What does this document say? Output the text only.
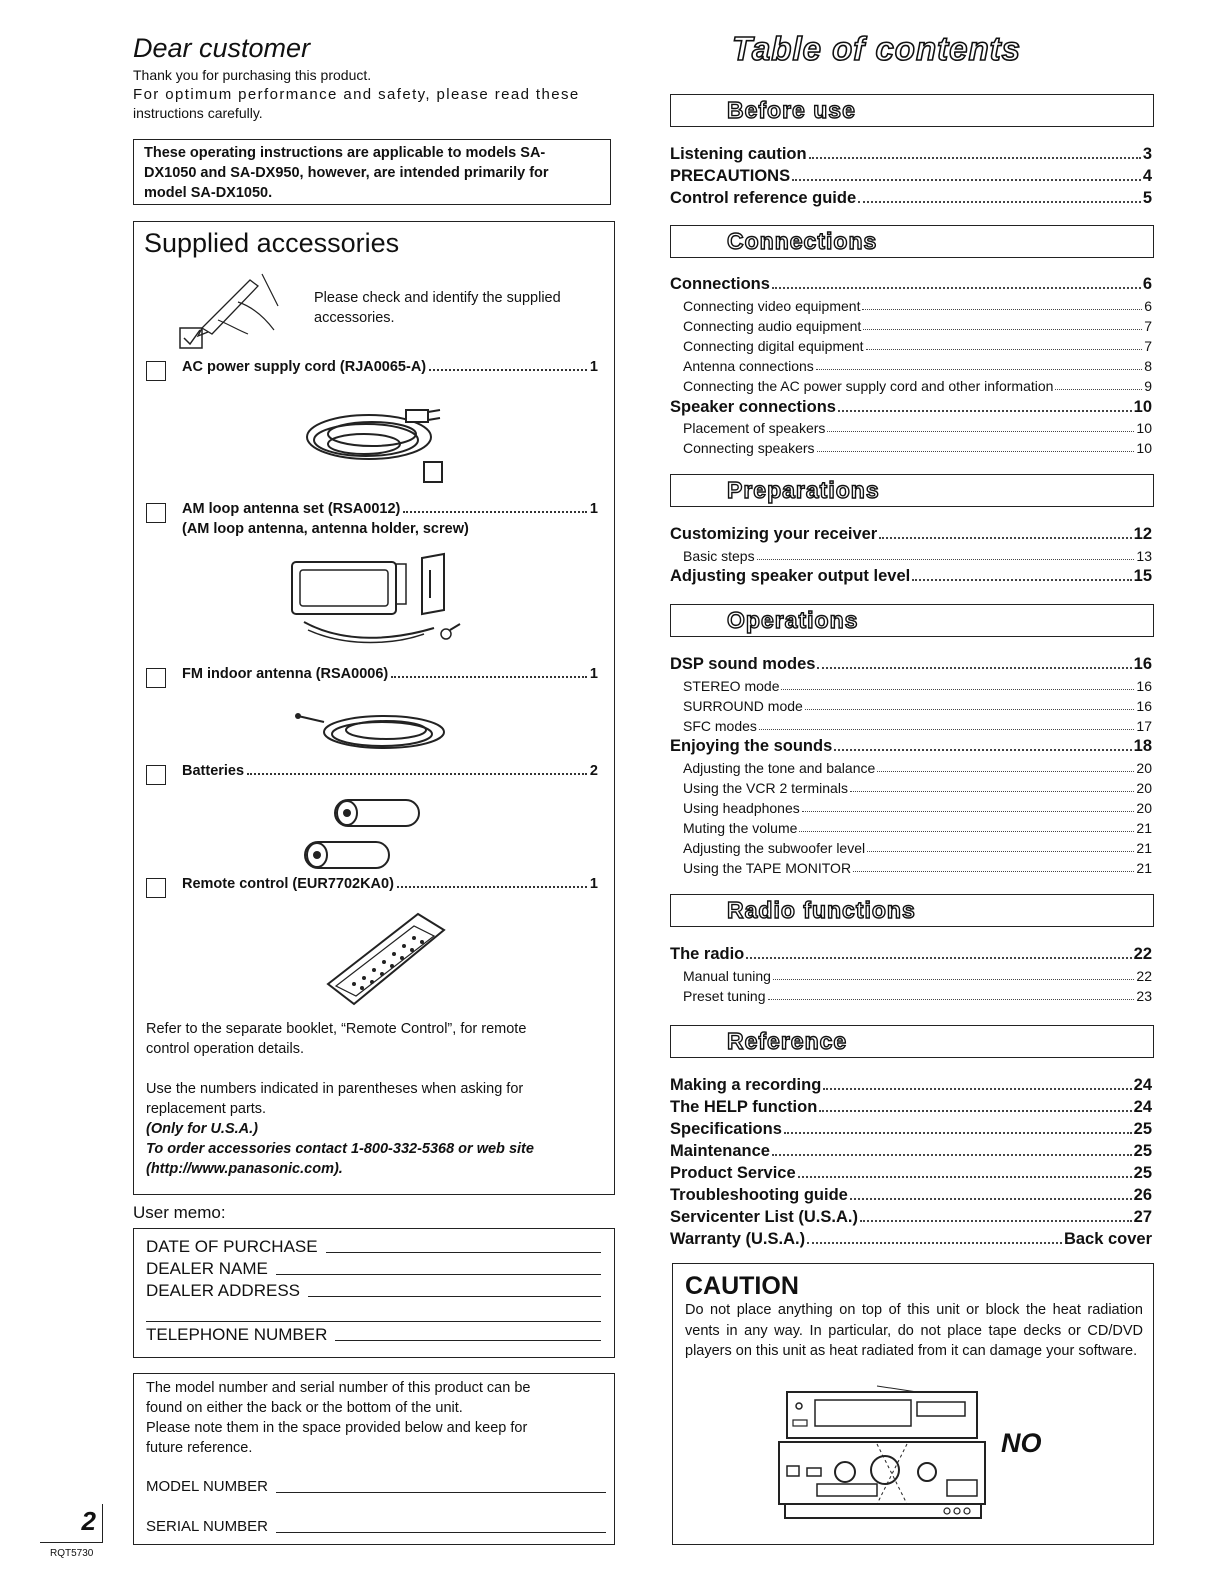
Dear customer

Thank you for purchasing this product.

For optimum performance and safety, please read these

instructions carefully.

These operating instructions are applicable to models SA-
DX1050 and SA-DX950, however, are intended primarily for
model SA-DX1050.
Supplied accessories
Please check and identify the supplied
accessories.
AC power supply cord (RJA0065-A)	1
AM loop antenna set (RSA0012)	1
(AM loop antenna, antenna holder, screw)
FM indoor antenna (RSA0006)	1
Batteries	2
Remote control (EUR7702KA0)	1

Refer to the separate booklet, “Remote Control”, for remote

control operation details.

Use the numbers indicated in parentheses when asking for

replacement parts.

(Only for U.S.A.)

To order accessories contact 1-800-332-5368 or web site

(http://www.panasonic.com).

User memo:
DATE OF PURCHASE
DEALER NAME
DEALER ADDRESS
TELEPHONE NUMBER

The model number and serial number of this product can be

found on either the back or the bottom of the unit.

Please note them in the space provided below and keep for

future reference.

MODEL NUMBER
SERIAL NUMBER
2
RQT5730
Table of contents
Before use
Listening caution	3
PRECAUTIONS	4
Control reference guide	5
Connections
Connections	6
Connecting video equipment	6
Connecting audio equipment	7
Connecting digital equipment	7
Antenna connections	8
Connecting the AC power supply cord and other information	9
Speaker connections	10
Placement of speakers	10
Connecting speakers	10
Preparations
Customizing your receiver	12
Basic steps	13
Adjusting speaker output level	15
Operations
DSP sound modes	16
STEREO mode	16
SURROUND mode	16
SFC modes	17
Enjoying the sounds	18
Adjusting the tone and balance	20
Using the VCR 2 terminals	20
Using headphones	20
Muting the volume	21
Adjusting the subwoofer level	21
Using the TAPE MONITOR	21
Radio functions
The radio	22
Manual tuning	22
Preset tuning	23
Reference
Making a recording	24
The HELP function	24
Specifications	25
Maintenance	25
Product Service	25
Troubleshooting guide	26
Servicenter List (U.S.A.)	27
Warranty (U.S.A.)	Back cover
CAUTION
Do not place anything on top of this unit or block the heat radiation vents in any way. In particular, do not place tape decks or CD/DVD players on this unit as heat radiated from it can damage your software.
NO
